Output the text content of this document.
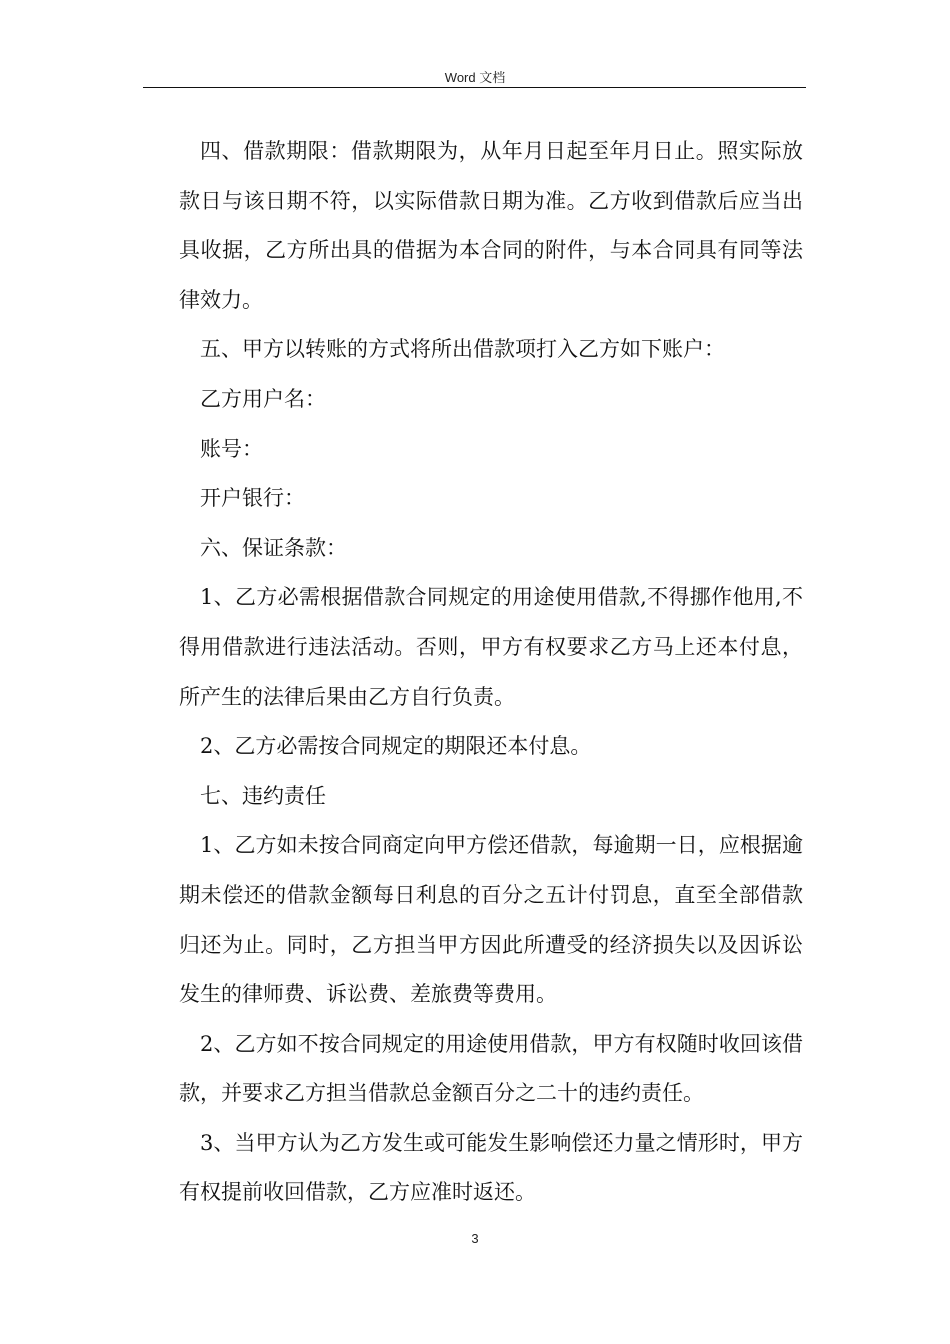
Word 文档

四、借款期限：借款期限为，从年月日起至年月日止。照实际放款日与该日期不符，以实际借款日期为准。乙方收到借款后应当出具收据，乙方所出具的借据为本合同的附件，与本合同具有同等法律效力。

五、甲方以转账的方式将所出借款项打入乙方如下账户：

乙方用户名：

账号：

开户银行：

六、保证条款：

1、乙方必需根据借款合同规定的用途使用借款,不得挪作他用,不得用借款进行违法活动。否则，甲方有权要求乙方马上还本付息，所产生的法律后果由乙方自行负责。

2、乙方必需按合同规定的期限还本付息。

七、违约责任

1、乙方如未按合同商定向甲方偿还借款，每逾期一日，应根据逾期未偿还的借款金额每日利息的百分之五计付罚息，直至全部借款归还为止。同时，乙方担当甲方因此所遭受的经济损失以及因诉讼发生的律师费、诉讼费、差旅费等费用。

2、乙方如不按合同规定的用途使用借款，甲方有权随时收回该借款，并要求乙方担当借款总金额百分之二十的违约责任。

3、当甲方认为乙方发生或可能发生影响偿还力量之情形时，甲方有权提前收回借款，乙方应准时返还。

3
